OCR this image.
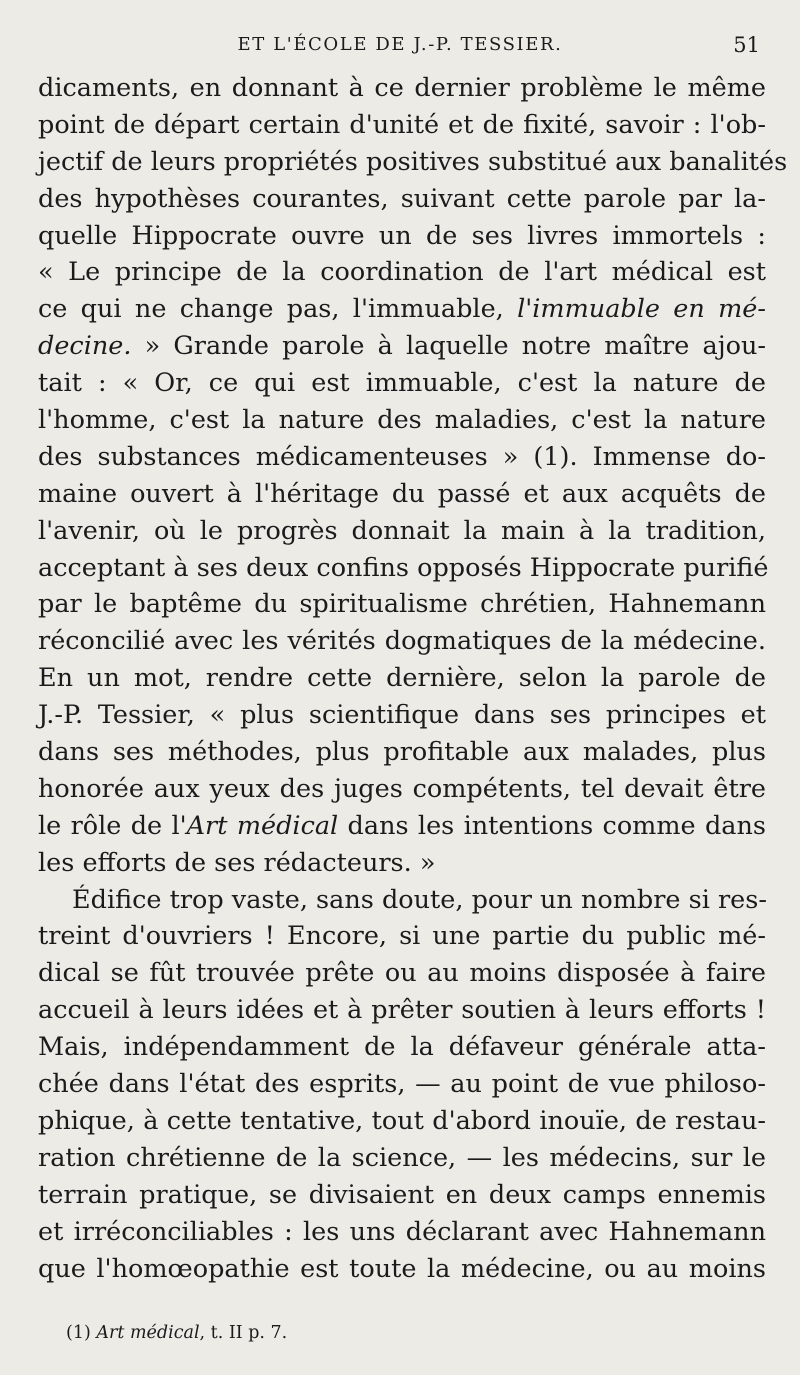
ET L'ÉCOLE DE J.-P. TESSIER.	51
dicaments, en donnant à ce dernier problème le même
point de départ certain d'unité et de fixité, savoir : l'ob-
jectif de leurs propriétés positives substitué aux banalités
des hypothèses courantes, suivant cette parole par la-
quelle Hippocrate ouvre un de ses livres immortels :
« Le principe de la coordination de l'art médical est
ce qui ne change pas, l'immuable, l'immuable en mé-
decine. » Grande parole à laquelle notre maître ajou-
tait : « Or, ce qui est immuable, c'est la nature de
l'homme, c'est la nature des maladies, c'est la nature
des substances médicamenteuses » (1). Immense do-
maine ouvert à l'héritage du passé et aux acquêts de
l'avenir, où le progrès donnait la main à la tradition,
acceptant à ses deux confins opposés Hippocrate purifié
par le baptême du spiritualisme chrétien, Hahnemann
réconcilié avec les vérités dogmatiques de la médecine.
En un mot, rendre cette dernière, selon la parole de
J.-P. Tessier, « plus scientifique dans ses principes et
dans ses méthodes, plus profitable aux malades, plus
honorée aux yeux des juges compétents, tel devait être
le rôle de l'Art médical dans les intentions comme dans
les efforts de ses rédacteurs. »
Édifice trop vaste, sans doute, pour un nombre si res-
treint d'ouvriers ! Encore, si une partie du public mé-
dical se fût trouvée prête ou au moins disposée à faire
accueil à leurs idées et à prêter soutien à leurs efforts !
Mais, indépendamment de la défaveur générale atta-
chée dans l'état des esprits, — au point de vue philoso-
phique, à cette tentative, tout d'abord inouïe, de restau-
ration chrétienne de la science, — les médecins, sur le
terrain pratique, se divisaient en deux camps ennemis
et irréconciliables : les uns déclarant avec Hahnemann
que l'homœopathie est toute la médecine, ou au moins
(1) Art médical, t. II p. 7.
